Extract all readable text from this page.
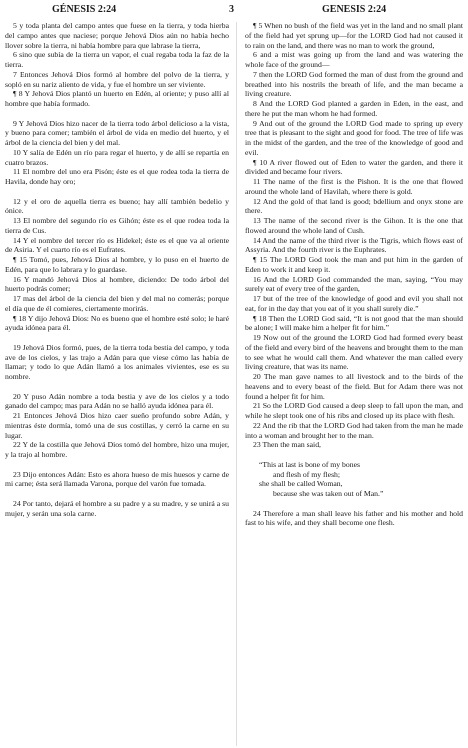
GÉNESIS 2:24	3	GENESIS 2:24

5 y toda planta del campo antes que fuese en la tierra, y toda hierba del campo antes que naciese; porque Jehová Dios aún no había hecho llover sobre la tierra, ni había hombre para que labrase la tierra,

6 sino que subía de la tierra un vapor, el cual regaba toda la faz de la tierra.

7 Entonces Jehová Dios formó al hombre del polvo de la tierra, y sopló en su nariz aliento de vida, y fue el hombre un ser viviente.

¶ 8 Y Jehová Dios plantó un huerto en Edén, al oriente; y puso allí al hombre que había formado.

9 Y Jehová Dios hizo nacer de la tierra todo árbol delicioso a la vista, y bueno para comer; también el árbol de vida en medio del huerto, y el árbol de la ciencia del bien y del mal.

10 Y salía de Edén un río para regar el huerto, y de allí se repartía en cuatro brazos.

11 El nombre del uno era Pisón; éste es el que rodea toda la tierra de Havila, donde hay oro;

12 y el oro de aquella tierra es bueno; hay allí también bedelio y ónice.

13 El nombre del segundo río es Gihón; éste es el que rodea toda la tierra de Cus.

14 Y el nombre del tercer río es Hidekel; éste es el que va al oriente de Asiria. Y el cuarto río es el Eufrates.

¶ 15 Tomó, pues, Jehová Dios al hombre, y lo puso en el huerto de Edén, para que lo labrara y lo guardase.

16 Y mandó Jehová Dios al hombre, diciendo: De todo árbol del huerto podrás comer;

17 mas del árbol de la ciencia del bien y del mal no comerás; porque el día que de él comieres, ciertamente morirás.

¶ 18 Y dijo Jehová Dios: No es bueno que el hombre esté solo; le haré ayuda idónea para él.

19 Jehová Dios formó, pues, de la tierra toda bestia del campo, y toda ave de los cielos, y las trajo a Adán para que viese cómo las había de llamar; y todo lo que Adán llamó a los animales vivientes, ese es su nombre.

20 Y puso Adán nombre a toda bestia y ave de los cielos y a todo ganado del campo; mas para Adán no se halló ayuda idónea para él.

21 Entonces Jehová Dios hizo caer sueño profundo sobre Adán, y mientras éste dormía, tomó una de sus costillas, y cerró la carne en su lugar.

22 Y de la costilla que Jehová Dios tomó del hombre, hizo una mujer, y la trajo al hombre.

23 Dijo entonces Adán: Esto es ahora hueso de mis huesos y carne de mi carne; ésta será llamada Varona, porque del varón fue tomada.

24 Por tanto, dejará el hombre a su padre y a su madre, y se unirá a su mujer, y serán una sola carne.

¶ 5 When no bush of the field was yet in the land and no small plant of the field had yet sprung up—for the LORD God had not caused it to rain on the land, and there was no man to work the ground,

6 and a mist was going up from the land and was watering the whole face of the ground—

7 then the LORD God formed the man of dust from the ground and breathed into his nostrils the breath of life, and the man became a living creature.

8 And the LORD God planted a garden in Eden, in the east, and there he put the man whom he had formed.

9 And out of the ground the LORD God made to spring up every tree that is pleasant to the sight and good for food. The tree of life was in the midst of the garden, and the tree of the knowledge of good and evil.

¶ 10 A river flowed out of Eden to water the garden, and there it divided and became four rivers.

11 The name of the first is the Pishon. It is the one that flowed around the whole land of Havilah, where there is gold.

12 And the gold of that land is good; bdellium and onyx stone are there.

13 The name of the second river is the Gihon. It is the one that flowed around the whole land of Cush.

14 And the name of the third river is the Tigris, which flows east of Assyria. And the fourth river is the Euphrates.

¶ 15 The LORD God took the man and put him in the garden of Eden to work it and keep it.

16 And the LORD God commanded the man, saying, “You may surely eat of every tree of the garden,

17 but of the tree of the knowledge of good and evil you shall not eat, for in the day that you eat of it you shall surely die.”

¶ 18 Then the LORD God said, “It is not good that the man should be alone; I will make him a helper fit for him.”

19 Now out of the ground the LORD God had formed every beast of the field and every bird of the heavens and brought them to the man to see what he would call them. And whatever the man called every living creature, that was its name.

20 The man gave names to all livestock and to the birds of the heavens and to every beast of the field. But for Adam there was not found a helper fit for him.

21 So the LORD God caused a deep sleep to fall upon the man, and while he slept took one of his ribs and closed up its place with flesh.

22 And the rib that the LORD God had taken from the man he made into a woman and brought her to the man.

23 Then the man said,

“This at last is bone of my bones

and flesh of my flesh;

she shall be called Woman,

because she was taken out of Man.”

24 Therefore a man shall leave his father and his mother and hold fast to his wife, and they shall become one flesh.
